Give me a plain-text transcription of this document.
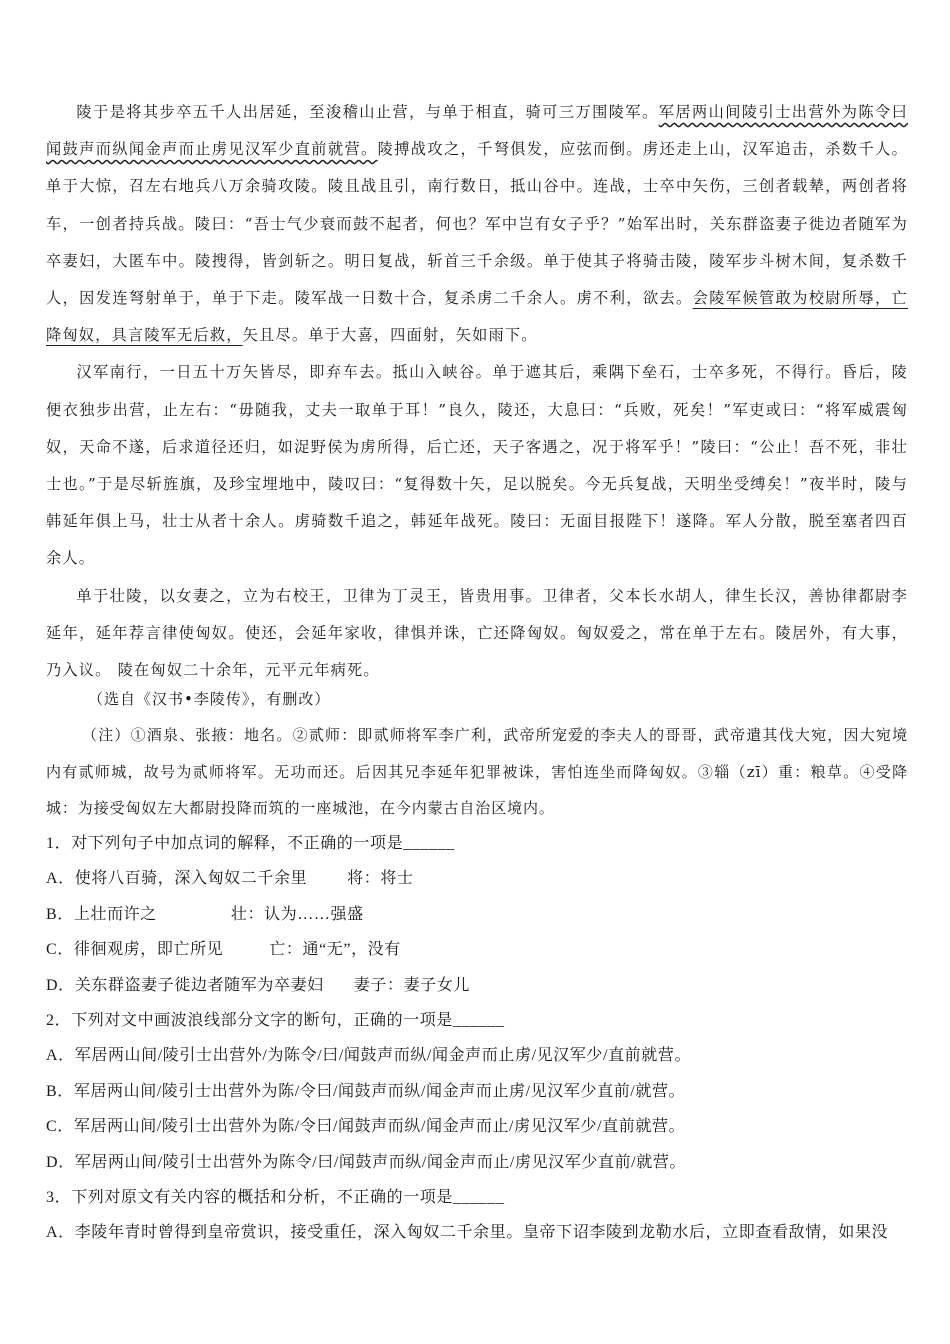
陵于是将其步卒五千人出居延，至浚稽山止营，与单于相直，骑可三万围陵军。军居两山间陵引士出营外为陈令曰闻鼓声而纵闻金声而止虏见汉军少直前就营。陵搏战攻之，千弩俱发，应弦而倒。虏还走上山，汉军追击，杀数千人。单于大惊，召左右地兵八万余骑攻陵。陵且战且引，南行数日，抵山谷中。连战，士卒中矢伤，三创者载辇，两创者将车，一创者持兵战。陵曰：“吾士气少衰而鼓不起者，何也？军中岂有女子乎？”始军出时，关东群盗妻子徙边者随军为卒妻妇，大匿车中。陵搜得，皆剑斩之。明日复战，斩首三千余级。单于使其子将骑击陵，陵军步斗树木间，复杀数千人，因发连弩射单于，单于下走。陵军战一日数十合，复杀虏二千余人。虏不利，欲去。会陵军候管敢为校尉所辱，亡降匈奴，具言陵军无后救，矢且尽。单于大喜，四面射，矢如雨下。

汉军南行，一日五十万矢皆尽，即弃车去。抵山入峡谷。单于遮其后，乘隅下垒石，士卒多死，不得行。昏后，陵便衣独步出营，止左右：“毋随我，丈夫一取单于耳！”良久，陵还，大息曰：“兵败，死矣！”军吏或曰：“将军威震匈奴，天命不遂，后求道径还归，如浞野侯为虏所得，后亡还，天子客遇之，况于将军乎！”陵曰：“公止！吾不死，非壮士也。”于是尽斩旌旗，及珍宝埋地中，陵叹曰：“复得数十矢，足以脱矣。今无兵复战，天明坐受缚矣！”夜半时，陵与韩延年俱上马，壮士从者十余人。虏骑数千追之，韩延年战死。陵曰：无面目报陛下！遂降。军人分散，脱至塞者四百余人。

单于壮陵，以女妻之，立为右校王，卫律为丁灵王，皆贵用事。卫律者，父本长水胡人，律生长汉，善协律都尉李延年，延年荐言律使匈奴。使还，会延年家收，律惧并诛，亡还降匈奴。匈奴爱之，常在单于左右。陵居外，有大事，乃入议。 陵在匈奴二十余年，元平元年病死。

（选自《汉书•李陵传》，有删改）
（注）①酒泉、张掖：地名。②贰师：即贰师将军李广利，武帝所宠爱的李夫人的哥哥，武帝遣其伐大宛，因大宛境内有贰师城，故号为贰师将军。无功而还。后因其兄李延年犯罪被诛，害怕连坐而降匈奴。③辎（zī）重：粮草。④受降城：为接受匈奴左大都尉投降而筑的一座城池，在今内蒙古自治区境内。
1．对下列句子中加点词的解释，不正确的一项是______
A．使将八百骑，深入匈奴二千余里	将：将士
B．上壮而许之	壮：认为……强盛
C．徘徊观虏，即亡所见	亡：通“无”，没有
D．关东群盗妻子徙边者随军为卒妻妇 妻子：妻子女儿
2．下列对文中画波浪线部分文字的断句，正确的一项是______
A．军居两山间/陵引士出营外/为陈令/曰/闻鼓声而纵/闻金声而止虏/见汉军少/直前就营。
B．军居两山间/陵引士出营外为陈/令曰/闻鼓声而纵/闻金声而止虏/见汉军少直前/就营。
C．军居两山间/陵引士出营外为陈/令曰/闻鼓声而纵/闻金声而止/虏见汉军少/直前就营。
D．军居两山间/陵引士出营外为陈令/曰/闻鼓声而纵/闻金声而止/虏见汉军少直前/就营。
3．下列对原文有关内容的概括和分析，不正确的一项是______
A．李陵年青时曾得到皇帝赏识，接受重任，深入匈奴二千余里。皇帝下诏李陵到龙勒水后，立即查看敌情，如果没
